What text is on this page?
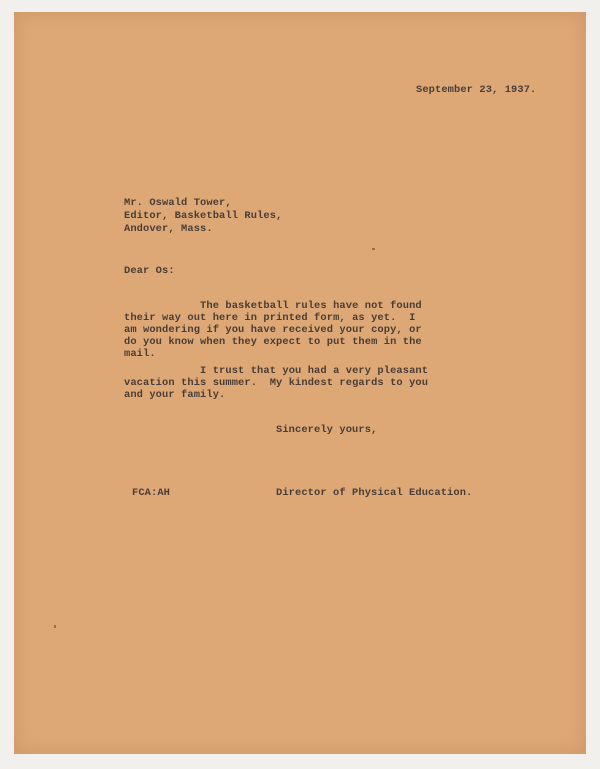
September 23, 1937.
Mr. Oswald Tower,
Editor, Basketball Rules,
Andover, Mass.
Dear Os:
The basketball rules have not found
their way out here in printed form, as yet.  I
am wondering if you have received your copy, or
do you know when they expect to put them in the
mail.
I trust that you had a very pleasant
vacation this summer.  My kindest regards to you
and your family.
Sincerely yours,
FCA:AH	Director of Physical Education.
